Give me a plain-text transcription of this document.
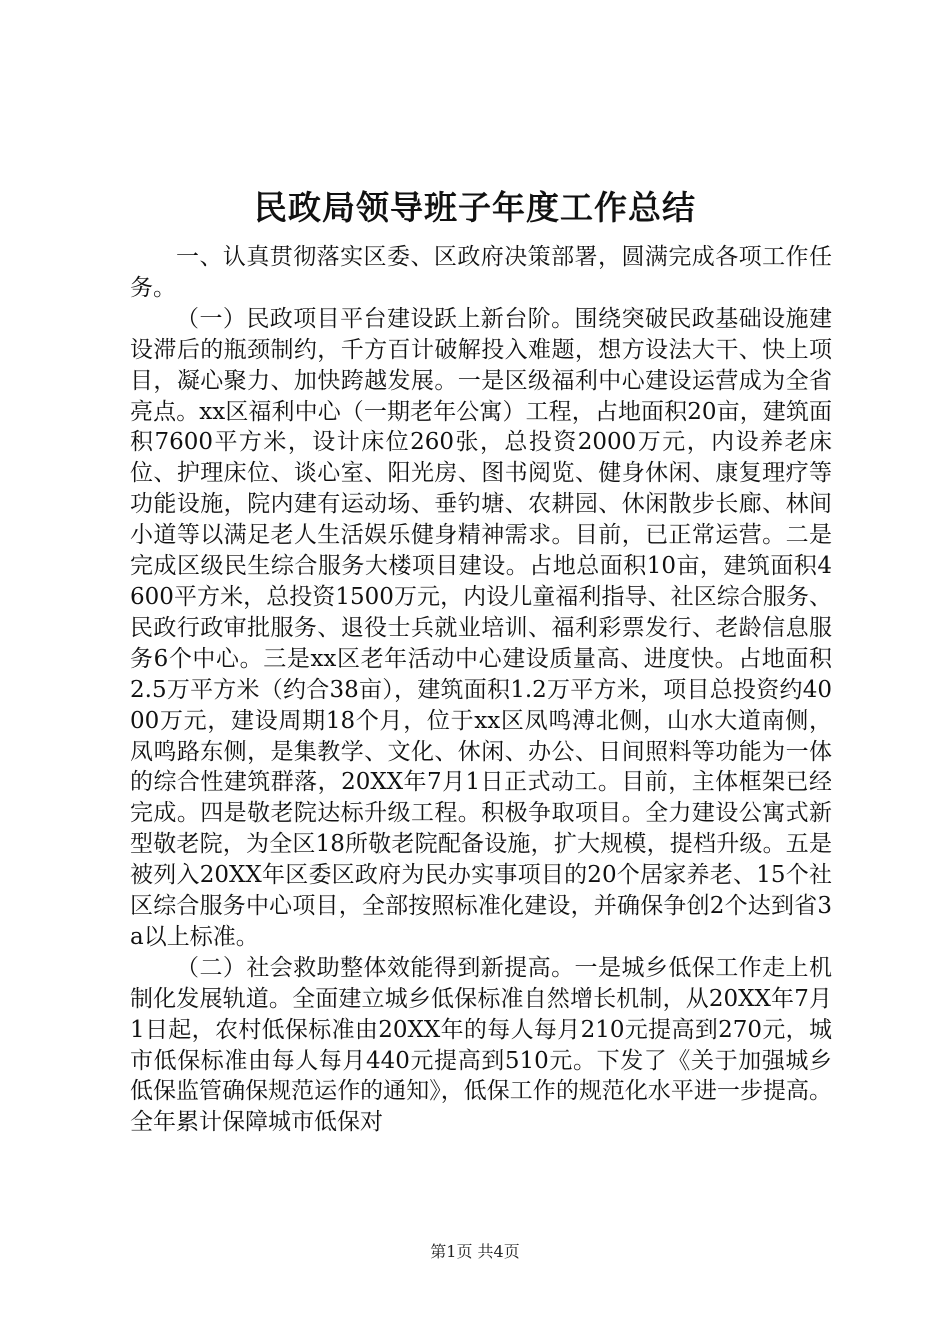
民政局领导班子年度工作总结

一、认真贯彻落实区委、区政府决策部署，圆满完成各项工作任务。

（一）民政项目平台建设跃上新台阶。围绕突破民政基础设施建设滞后的瓶颈制约，千方百计破解投入难题，想方设法大干、快上项目，凝心聚力、加快跨越发展。一是区级福利中心建设运营成为全省亮点。xx区福利中心（一期老年公寓）工程，占地面积20亩，建筑面积7600平方米，设计床位260张，总投资2000万元，内设养老床位、护理床位、谈心室、阳光房、图书阅览、健身休闲、康复理疗等功能设施，院内建有运动场、垂钓塘、农耕园、休闲散步长廊、林间小道等以满足老人生活娱乐健身精神需求。目前，已正常运营。二是完成区级民生综合服务大楼项目建设。占地总面积10亩，建筑面积4600平方米，总投资1500万元，内设儿童福利指导、社区综合服务、民政行政审批服务、退役士兵就业培训、福利彩票发行、老龄信息服务6个中心。三是xx区老年活动中心建设质量高、进度快。占地面积2.5万平方米（约合38亩），建筑面积1.2万平方米，项目总投资约4000万元，建设周期18个月，位于xx区凤鸣溥北侧，山水大道南侧，凤鸣路东侧，是集教学、文化、休闲、办公、日间照料等功能为一体的综合性建筑群落，20XX年7月1日正式动工。目前，主体框架已经完成。四是敬老院达标升级工程。积极争取项目。全力建设公寓式新型敬老院，为全区18所敬老院配备设施，扩大规模，提档升级。五是被列入20XX年区委区政府为民办实事项目的20个居家养老、15个社区综合服务中心项目，全部按照标准化建设，并确保争创2个达到省3a以上标准。

（二）社会救助整体效能得到新提高。一是城乡低保工作走上机制化发展轨道。全面建立城乡低保标准自然增长机制，从20XX年7月1日起，农村低保标准由20XX年的每人每月210元提高到270元，城市低保标准由每人每月440元提高到510元。下发了《关于加强城乡低保监管确保规范运作的通知》，低保工作的规范化水平进一步提高。全年累计保障城市低保对

第1页 共4页
